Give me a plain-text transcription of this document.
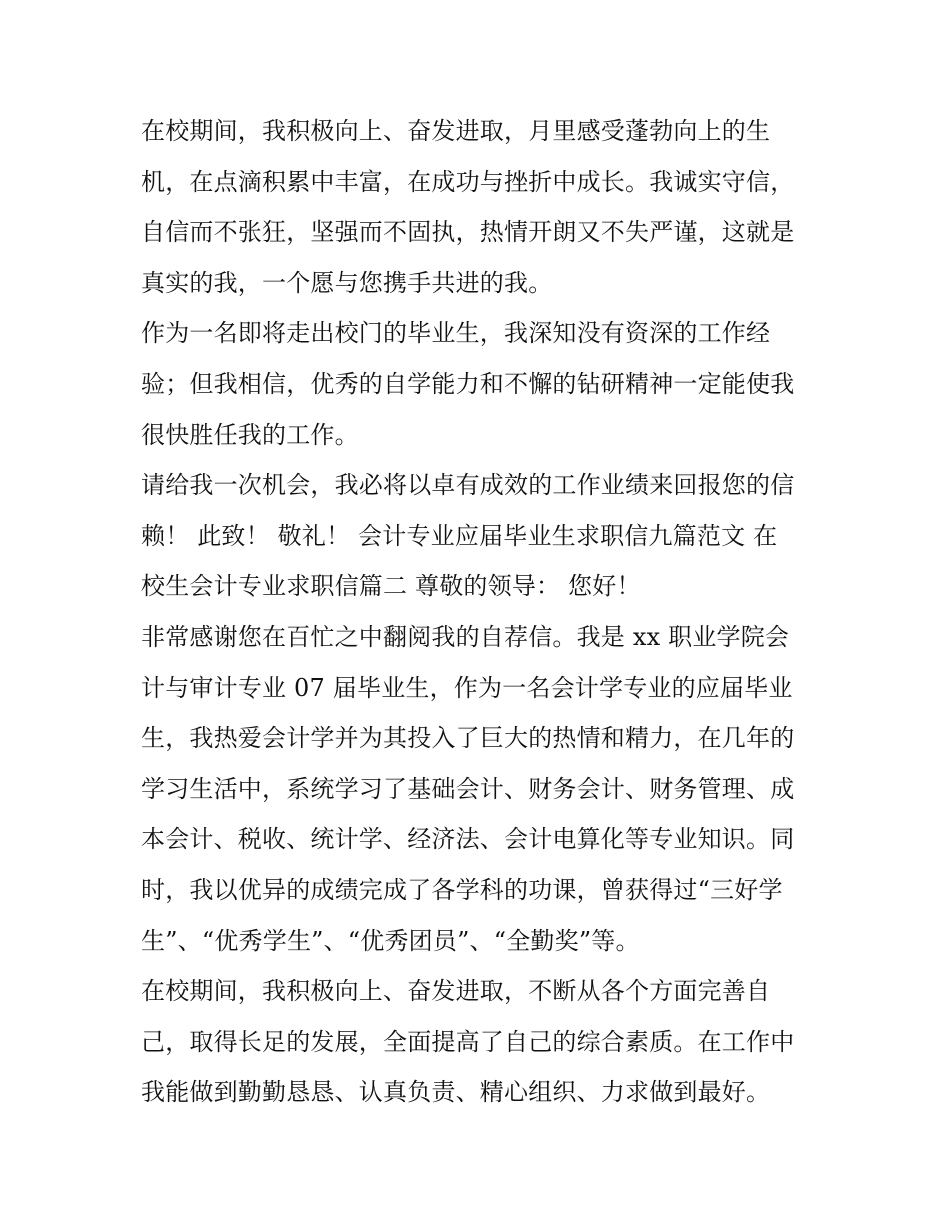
在校期间，我积极向上、奋发进取，月里感受蓬勃向上的生
机，在点滴积累中丰富，在成功与挫折中成长。我诚实守信，
自信而不张狂，坚强而不固执，热情开朗又不失严谨，这就是
真实的我，一个愿与您携手共进的我。
作为一名即将走出校门的毕业生，我深知没有资深的工作经
验；但我相信，优秀的自学能力和不懈的钻研精神一定能使我
很快胜任我的工作。
请给我一次机会，我必将以卓有成效的工作业绩来回报您的信
赖！ 此致！ 敬礼！ 会计专业应届毕业生求职信九篇范文 在
校生会计专业求职信篇二 尊敬的领导： 您好！
非常感谢您在百忙之中翻阅我的自荐信。我是 xx 职业学院会
计与审计专业 07 届毕业生，作为一名会计学专业的应届毕业
生，我热爱会计学并为其投入了巨大的热情和精力，在几年的
学习生活中，系统学习了基础会计、财务会计、财务管理、成
本会计、税收、统计学、经济法、会计电算化等专业知识。同
时，我以优异的成绩完成了各学科的功课，曾获得过“三好学
生”、“优秀学生”、“优秀团员”、“全勤奖”等。
在校期间，我积极向上、奋发进取，不断从各个方面完善自
己，取得长足的发展，全面提高了自己的综合素质。在工作中
我能做到勤勤恳恳、认真负责、精心组织、力求做到最好。
